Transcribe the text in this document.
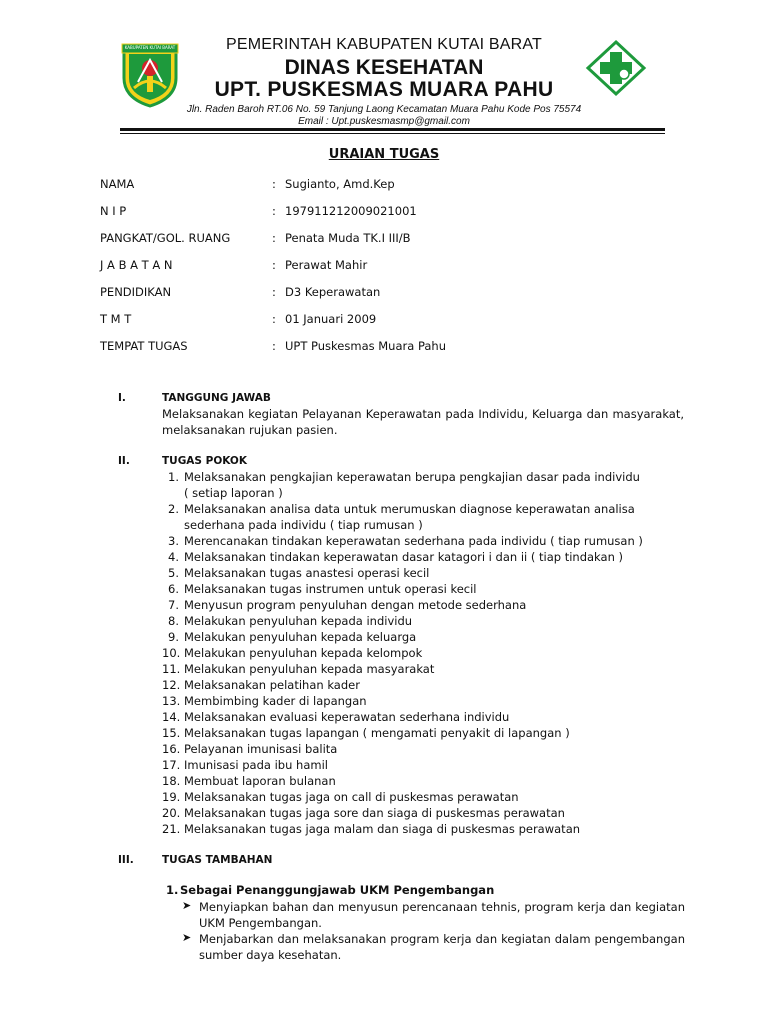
KABUPATEN KUTAI BARAT	PEMERINTAH KABUPATEN KUTAI BARAT
DINAS KESEHATAN
UPT. PUSKESMAS MUARA PAHU
Jln. Raden Baroh RT.06 No. 59 Tanjung Laong Kecamatan Muara Pahu Kode Pos 75574
Email : Upt.puskesmasmp@gmail.com
URAIAN TUGAS
NAMA	: Sugianto, Amd.Kep
N I P	: 197911212009021001
PANGKAT/GOL. RUANG	: Penata Muda TK.I III/B
J A B A T A N	: Perawat Mahir
PENDIDIKAN	: D3 Keperawatan
T M T	: 01 Januari 2009
TEMPAT TUGAS	: UPT Puskesmas Muara Pahu
I.	TANGGUNG JAWAB
Melaksanakan kegiatan Pelayanan Keperawatan pada Individu, Keluarga dan masyarakat, melaksanakan rujukan pasien.
II.	TUGAS POKOK
1. Melaksanakan pengkajian keperawatan berupa pengkajian dasar pada individu
( setiap laporan )
2. Melaksanakan analisa data untuk merumuskan diagnose keperawatan analisa
sederhana pada individu ( tiap rumusan )
3. Merencanakan tindakan keperawatan sederhana pada individu ( tiap rumusan )
4. Melaksanakan tindakan keperawatan dasar katagori i dan ii ( tiap tindakan )
5. Melaksanakan tugas anastesi operasi kecil
6. Melaksanakan tugas instrumen untuk operasi kecil
7. Menyusun program penyuluhan dengan metode sederhana
8. Melakukan penyuluhan kepada individu
9. Melakukan penyuluhan kepada keluarga
10. Melakukan penyuluhan kepada kelompok
11. Melakukan penyuluhan kepada masyarakat
12. Melaksanakan pelatihan kader
13. Membimbing kader di lapangan
14. Melaksanakan evaluasi keperawatan sederhana individu
15. Melaksanakan tugas lapangan ( mengamati penyakit di lapangan )
16. Pelayanan imunisasi balita
17. Imunisasi pada ibu hamil
18. Membuat laporan bulanan
19. Melaksanakan tugas jaga on call di puskesmas perawatan
20. Melaksanakan tugas jaga sore dan siaga di puskesmas perawatan
21. Melaksanakan tugas jaga malam dan siaga di puskesmas perawatan
III.	TUGAS TAMBAHAN
1. Sebagai Penanggungjawab UKM Pengembangan
➤ Menyiapkan bahan dan menyusun perencanaan tehnis, program kerja dan kegiatan UKM Pengembangan.
➤ Menjabarkan dan melaksanakan program kerja dan kegiatan dalam pengembangan sumber daya kesehatan.
